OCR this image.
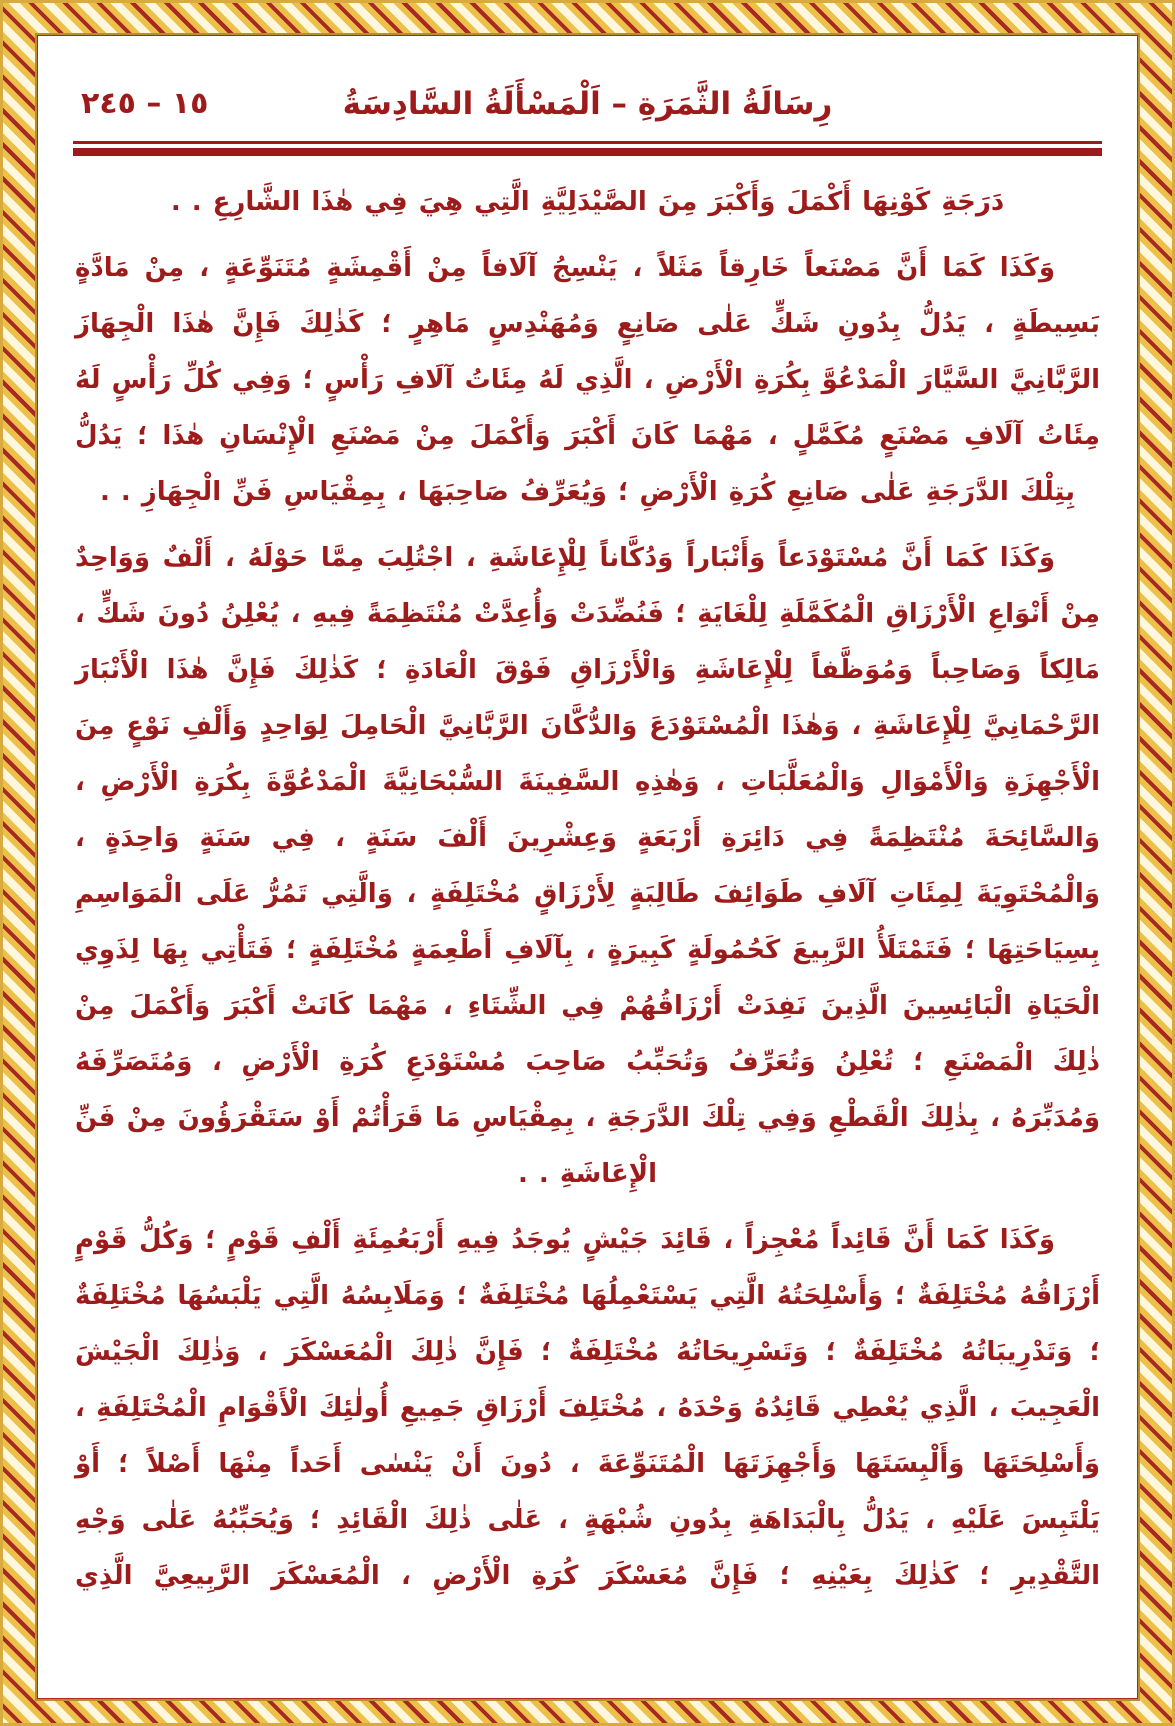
رِسَالَةُ الثَّمَرَةِ – اَلْمَسْأَلَةُ السَّادِسَةُ
١٥ – ٢٤٥

دَرَجَةِ كَوْنِهَا أَكْمَلَ وَأَكْبَرَ مِنَ الصَّيْدَلِيَّةِ الَّتِي هِيَ فِي هٰذَا الشَّارِعِ . .

وَكَذَا كَمَا أَنَّ مَصْنَعاً خَارِقاً مَثَلاً ، يَنْسِجُ آلَافاً مِنْ أَقْمِشَةٍ مُتَنَوِّعَةٍ ، مِنْ مَادَّةٍ بَسِيطَةٍ ، يَدُلُّ بِدُونِ شَكٍّ عَلٰى صَانِعٍ وَمُهَنْدِسٍ مَاهِرٍ ؛ كَذٰلِكَ فَإِنَّ هٰذَا الْجِهَازَ الرَّبَّانِيَّ السَّيَّارَ الْمَدْعُوَّ بِكُرَةِ الْأَرْضِ ، الَّذِي لَهُ مِئَاتُ آلَافِ رَأْسٍ ؛ وَفِي كُلِّ رَأْسٍ لَهُ مِئَاتُ آلَافِ مَصْنَعٍ مُكَمَّلٍ ، مَهْمَا كَانَ أَكْبَرَ وَأَكْمَلَ مِنْ مَصْنَعِ الْإِنْسَانِ هٰذَا ؛ يَدُلُّ بِتِلْكَ الدَّرَجَةِ عَلٰى صَانِعِ كُرَةِ الْأَرْضِ ؛ وَيُعَرِّفُ صَاحِبَهَا ، بِمِقْيَاسِ فَنِّ الْجِهَازِ . .

وَكَذَا كَمَا أَنَّ مُسْتَوْدَعاً وَأَنْبَاراً وَدُكَّاناً لِلْإِعَاشَةِ ، اجْتُلِبَ مِمَّا حَوْلَهُ ، أَلْفٌ وَوَاحِدٌ مِنْ أَنْوَاعِ الْأَرْزَاقِ الْمُكَمَّلَةِ لِلْغَايَةِ ؛ فَنُضِّدَتْ وَأُعِدَّتْ مُنْتَظِمَةً فِيهِ ، يُعْلِنُ دُونَ شَكٍّ ، مَالِكاً وَصَاحِباً وَمُوَظَّفاً لِلْإِعَاشَةِ وَالْأَرْزَاقِ فَوْقَ الْعَادَةِ ؛ كَذٰلِكَ فَإِنَّ هٰذَا الْأَنْبَارَ الرَّحْمَانِيَّ لِلْإِعَاشَةِ ، وَهٰذَا الْمُسْتَوْدَعَ وَالدُّكَّانَ الرَّبَّانِيَّ الْحَامِلَ لِوَاحِدٍ وَأَلْفِ نَوْعٍ مِنَ الْأَجْهِزَةِ وَالْأَمْوَالِ وَالْمُعَلَّبَاتِ ، وَهٰذِهِ السَّفِينَةَ السُّبْحَانِيَّةَ الْمَدْعُوَّةَ بِكُرَةِ الْأَرْضِ ، وَالسَّائِحَةَ مُنْتَظِمَةً فِي دَائِرَةِ أَرْبَعَةٍ وَعِشْرِينَ أَلْفَ سَنَةٍ ، فِي سَنَةٍ وَاحِدَةٍ ، وَالْمُحْتَوِيَةَ لِمِئَاتِ آلَافِ طَوَائِفَ طَالِبَةٍ لِأَرْزَاقٍ مُخْتَلِفَةٍ ، وَالَّتِي تَمُرُّ عَلَى الْمَوَاسِمِ بِسِيَاحَتِهَا ؛ فَتَمْتَلَأُ الرَّبِيعَ كَحُمُولَةٍ كَبِيرَةٍ ، بِآلَافِ أَطْعِمَةٍ مُخْتَلِفَةٍ ؛ فَتَأْتِي بِهَا لِذَوِي الْحَيَاةِ الْبَائِسِينَ الَّذِينَ نَفِدَتْ أَرْزَاقُهُمْ فِي الشِّتَاءِ ، مَهْمَا كَانَتْ أَكْبَرَ وَأَكْمَلَ مِنْ ذٰلِكَ الْمَصْنَعِ ؛ تُعْلِنُ وَتُعَرِّفُ وَتُحَبِّبُ صَاحِبَ مُسْتَوْدَعِ كُرَةِ الْأَرْضِ ، وَمُتَصَرِّفَهُ وَمُدَبِّرَهُ ، بِذٰلِكَ الْقَطْعِ وَفِي تِلْكَ الدَّرَجَةِ ، بِمِقْيَاسِ مَا قَرَأْتُمْ أَوْ سَتَقْرَؤُونَ مِنْ فَنِّ الْإِعَاشَةِ . .

وَكَذَا كَمَا أَنَّ قَائِداً مُعْجِزاً ، قَائِدَ جَيْشٍ يُوجَدُ فِيهِ أَرْبَعُمِئَةِ أَلْفِ قَوْمٍ ؛ وَكُلُّ قَوْمٍ أَرْزَاقُهُ مُخْتَلِفَةٌ ؛ وَأَسْلِحَتُهُ الَّتِي يَسْتَعْمِلُهَا مُخْتَلِفَةٌ ؛ وَمَلَابِسُهُ الَّتِي يَلْبَسُهَا مُخْتَلِفَةٌ ؛ وَتَدْرِيبَاتُهُ مُخْتَلِفَةٌ ؛ وَتَسْرِيحَاتُهُ مُخْتَلِفَةٌ ؛ فَإِنَّ ذٰلِكَ الْمُعَسْكَرَ ، وَذٰلِكَ الْجَيْشَ الْعَجِيبَ ، الَّذِي يُعْطِي قَائِدُهُ وَحْدَهُ ، مُخْتَلِفَ أَرْزَاقِ جَمِيعِ أُولٰئِكَ الْأَقْوَامِ الْمُخْتَلِفَةِ ، وَأَسْلِحَتَهَا وَأَلْبِسَتَهَا وَأَجْهِزَتَهَا الْمُتَنَوِّعَةَ ، دُونَ أَنْ يَنْسٰى أَحَداً مِنْهَا أَصْلاً ؛ أَوْ يَلْتَبِسَ عَلَيْهِ ، يَدُلُّ بِالْبَدَاهَةِ بِدُونِ شُبْهَةٍ ، عَلٰى ذٰلِكَ الْقَائِدِ ؛ وَيُحَبِّبُهُ عَلٰى وَجْهِ التَّقْدِيرِ ؛ كَذٰلِكَ بِعَيْنِهِ ؛ فَإِنَّ مُعَسْكَرَ كُرَةِ الْأَرْضِ ، الْمُعَسْكَرَ الرَّبِيعِيَّ الَّذِي
